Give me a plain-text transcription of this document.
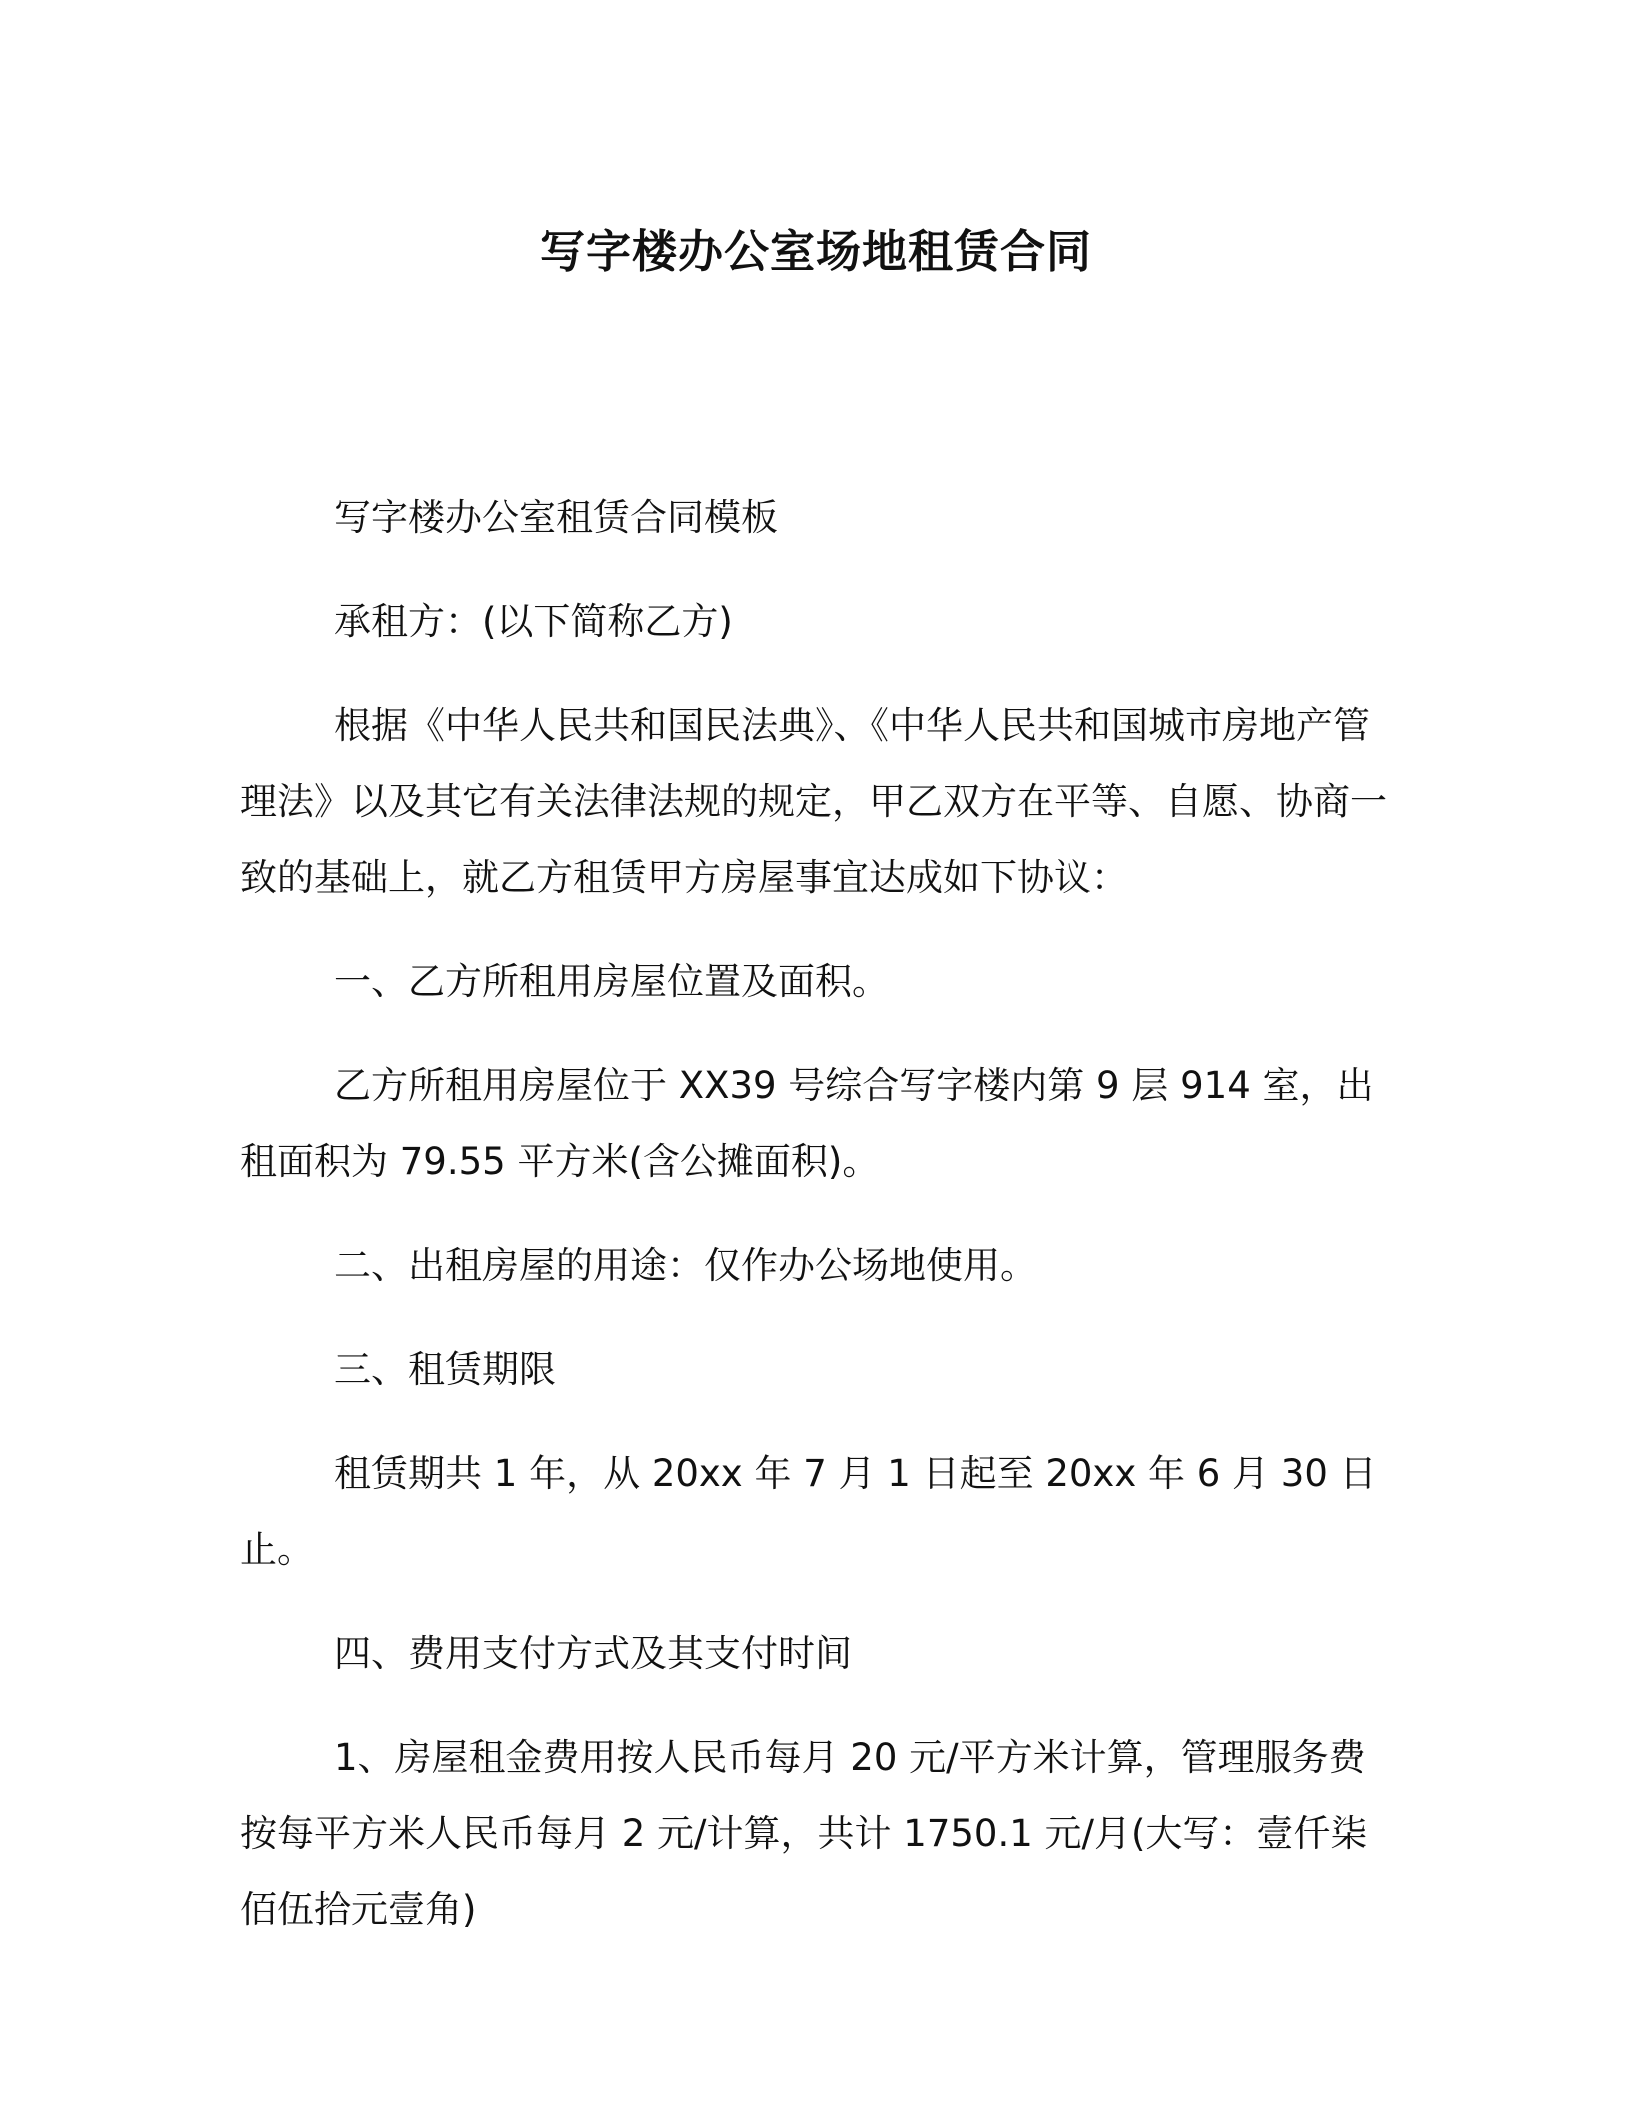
写字楼办公室场地租赁合同

写字楼办公室租赁合同模板

承租方：(以下简称乙方)

根据《中华人民共和国民法典》、《中华人民共和国城市房地产管理法》以及其它有关法律法规的规定，甲乙双方在平等、自愿、协商一致的基础上，就乙方租赁甲方房屋事宜达成如下协议：

一、乙方所租用房屋位置及面积。

乙方所租用房屋位于 XX39 号综合写字楼内第 9 层 914 室，出租面积为 79.55 平方米(含公摊面积)。

二、出租房屋的用途：仅作办公场地使用。

三、租赁期限

租赁期共 1 年，从 20xx 年 7 月 1 日起至 20xx 年 6 月 30 日止。

四、费用支付方式及其支付时间

1、房屋租金费用按人民币每月 20 元/平方米计算，管理服务费按每平方米人民币每月 2 元/计算，共计 1750.1 元/月(大写：壹仟柒佰伍拾元壹角)
